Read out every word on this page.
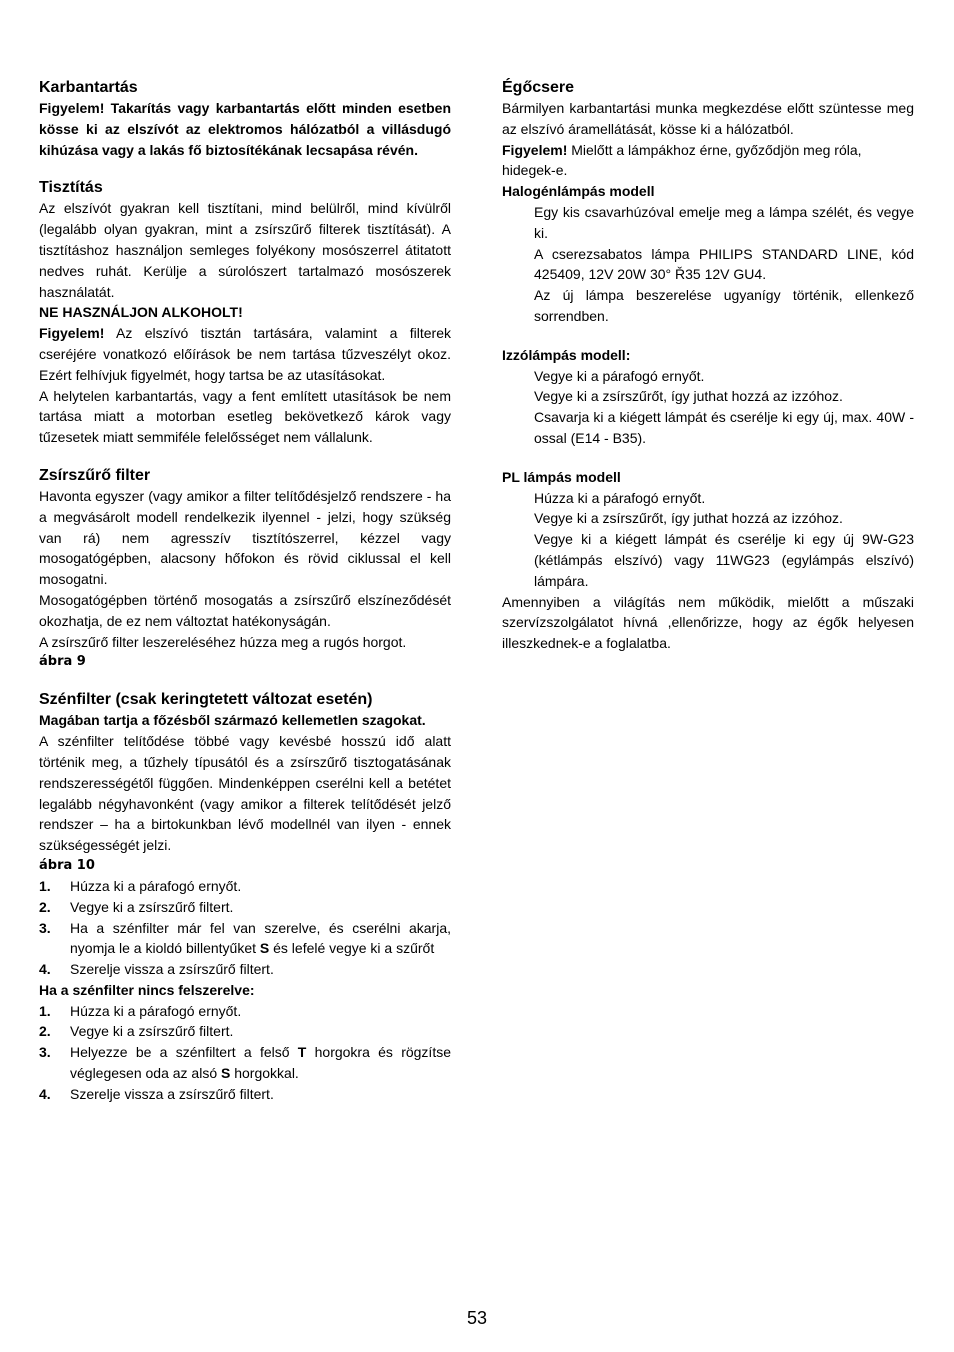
Karbantartás

Figyelem! Takarítás vagy karbantartás előtt minden esetben kösse ki az elszívót az elektromos hálózatból a villásdugó kihúzása vagy a lakás fő biztosítékának lecsapása révén.

Tisztítás

Az elszívót gyakran kell tisztítani, mind belülről, mind kívülről (legalább olyan gyakran, mint a zsírszűrő filterek tisztítását). A tisztításhoz használjon semleges folyékony mosószerrel átitatott nedves ruhát. Kerülje a súrolószert tartalmazó mosószerek használatát.

NE HASZNÁLJON ALKOHOLT!

Figyelem! Az elszívó tisztán tartására, valamint a filterek cseréjére vonatkozó előírások be nem tartása tűzveszélyt okoz. Ezért felhívjuk figyelmét, hogy tartsa be az utasításokat.

A helytelen karbantartás, vagy a fent említett utasítások be nem tartása miatt a motorban esetleg bekövetkező károk vagy tűzesetek miatt semmiféle felelősséget nem vállalunk.

Zsírszűrő filter

Havonta egyszer (vagy amikor a filter telítődésjelző rendszere - ha a megvásárolt modell rendelkezik ilyennel - jelzi, hogy szükség van rá) nem agresszív tisztítószerrel, kézzel vagy mosogatógépben, alacsony hőfokon és rövid ciklussal el kell mosogatni.

Mosogatógépben történő mosogatás a zsírszűrő elszíneződését okozhatja, de ez nem változtat hatékonyságán.

A zsírszűrő filter leszereléséhez húzza meg a rugós horgot.

ábra 9

Szénfilter (csak keringtetett változat esetén)

Magában tartja a főzésből származó kellemetlen szagokat.

A szénfilter telítődése többé vagy kevésbé hosszú idő alatt történik meg, a tűzhely típusától és a zsírszűrő tisztogatásának rendszerességétől függően. Mindenképpen cserélni kell a betétet legalább négyhavonként (vagy amikor a filterek telítődését jelző rendszer – ha a birtokunkban lévő modellnél van ilyen - ennek szükségességét jelzi.

ábra 10

1. Húzza ki a párafogó ernyőt.
2. Vegye ki a zsírszűrő filtert.
3. Ha a szénfilter már fel van szerelve, és cserélni akarja, nyomja le a kioldó billentyűket S és lefelé vegye ki a szűrőt
4. Szerelje vissza a zsírszűrő filtert.

Ha a szénfilter nincs felszerelve:

1. Húzza ki a párafogó ernyőt.
2. Vegye ki a zsírszűrő filtert.
3. Helyezze be a szénfiltert a felső T horgokra és rögzítse véglegesen oda az alsó S horgokkal.
4. Szerelje vissza a zsírszűrő filtert.
Égőcsere

Bármilyen karbantartási munka megkezdése előtt szüntesse meg az elszívó áramellátását, kösse ki a hálózatból.

Figyelem! Mielőtt a lámpákhoz érne, győződjön meg róla, hidegek-e.

Halogénlámpás modell

Egy kis csavarhúzóval emelje meg a lámpa szélét, és vegye ki.

A cserezsabatos lámpa PHILIPS STANDARD LINE, kód 425409, 12V 20W 30° Ř35 12V GU4.

Az új lámpa beszerelése ugyanígy történik, ellenkező sorrendben.

Izzólámpás modell:

Vegye ki a párafogó ernyőt.

Vegye ki a zsírszűrőt, így juthat hozzá az izzóhoz.

Csavarja ki a kiégett lámpát és cserélje ki egy új, max. 40W -ossal (E14 - B35).

PL lámpás modell

Húzza ki a párafogó ernyőt.

Vegye ki a zsírszűrőt, így juthat hozzá az izzóhoz.

Vegye ki a kiégett lámpát és cserélje ki egy új 9W-G23 (kétlámpás elszívó) vagy 11WG23 (egylámpás elszívó) lámpára.

Amennyiben a világítás nem működik, mielőtt a műszaki szervízszolgálatot hívná ,ellenőrizze, hogy az égők helyesen illeszkednek-e a foglalatba.

53
